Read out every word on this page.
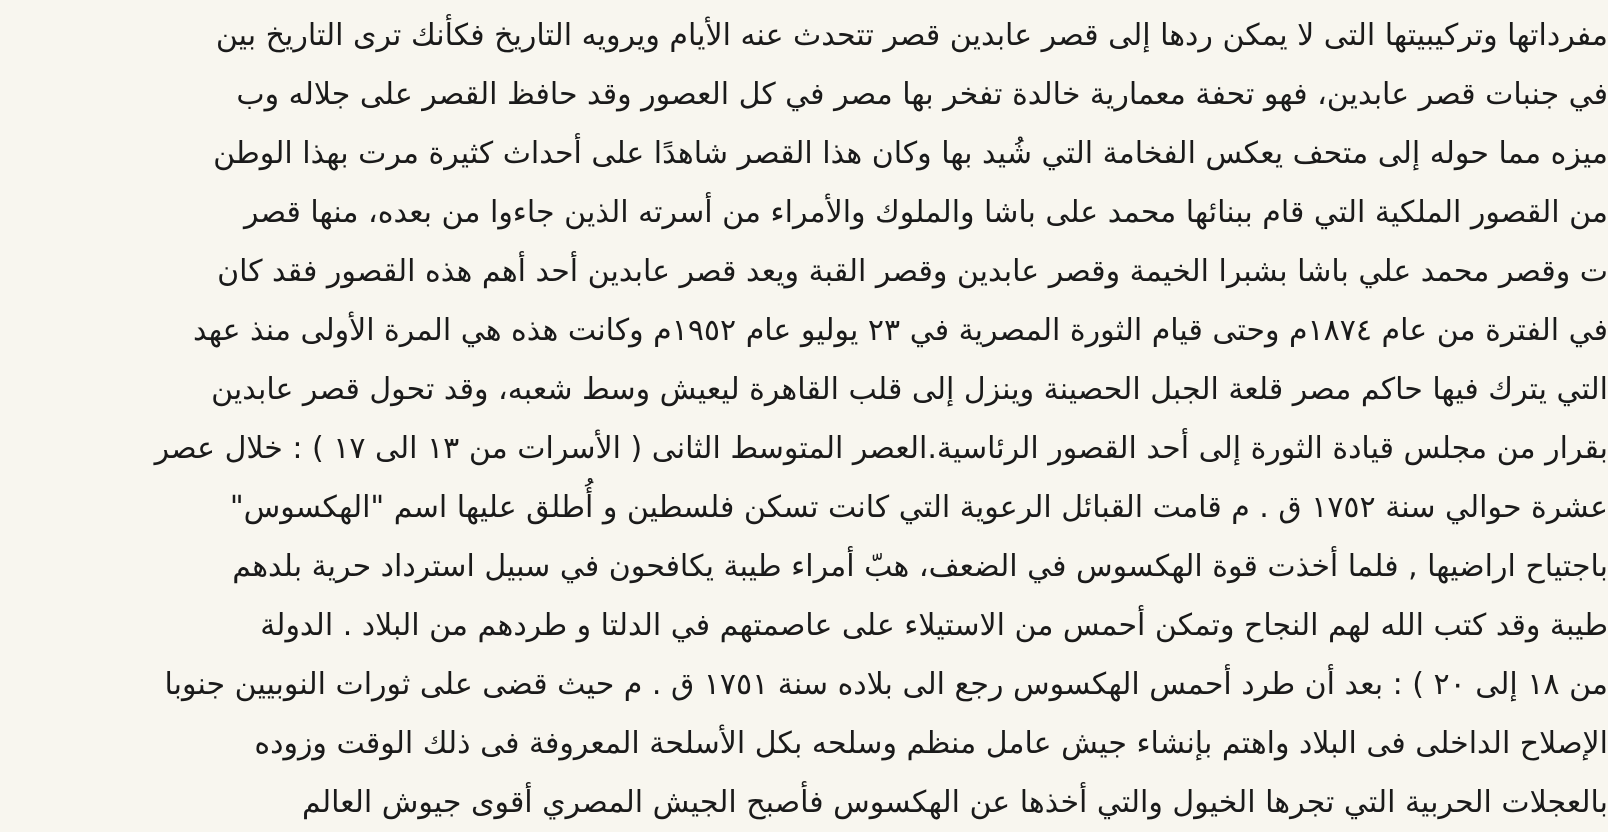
مفرداتها وتركيبيتها التى لا يمكن ردها إلى قصر عابدين قصر تتحدث عنه الأيام ويرويه التاريخ فكأنك ترى التاريخ بين
في جنبات قصر عابدين، فهو تحفة معمارية خالدة تفخر بها مصر في كل العصور وقد حافظ القصر على جلاله وب
ميزه مما حوله إلى متحف يعكس الفخامة التي شُيد بها وكان هذا القصر شاهدًا على أحداث كثيرة مرت بهذا الوطن
من القصور الملكية التي قام ببنائها محمد على باشا والملوك والأمراء من أسرته الذين جاءوا من بعده، منها قصر
ت وقصر محمد علي باشا بشبرا الخيمة وقصر عابدين وقصر القبة ويعد قصر عابدين أحد أهم هذه القصور فقد كان
في الفترة من عام ١٨٧٤م وحتى قيام الثورة المصرية في ٢٣ يوليو عام ١٩٥٢م وكانت هذه هي المرة الأولى منذ عهد
التي يترك فيها حاكم مصر قلعة الجبل الحصينة وينزل إلى قلب القاهرة ليعيش وسط شعبه، وقد تحول قصر عابدين
بقرار من مجلس قيادة الثورة إلى أحد القصور الرئاسية.العصر المتوسط الثانى ( الأسرات من ١٣ الى ١٧ ) : خلال عصر
عشرة حوالي سنة ١٧٥٢ ق . م قامت القبائل الرعوية التي كانت تسكن فلسطين و أُطلق عليها اسم "الهكسوس"
باجتياح اراضيها , فلما أخذت قوة الهكسوس في الضعف، هبّ أمراء طيبة يكافحون في سبيل استرداد حرية بلدهم
طيبة وقد كتب الله لهم النجاح وتمكن أحمس من الاستيلاء على عاصمتهم في الدلتا و طردهم من البلاد . الدولة
من ١٨ إلى ٢٠ ) : بعد أن طرد أحمس الهكسوس رجع الى بلاده سنة ١٧٥١ ق . م حيث قضى على ثورات النوبيين جنوبا
الإصلاح الداخلى فى البلاد واهتم بإنشاء جيش عامل منظم وسلحه بكل الأسلحة المعروفة فى ذلك الوقت وزوده
بالعجلات الحربية التي تجرها الخيول والتي أخذها عن الهكسوس فأصبح الجيش المصري أقوى جيوش العالم
